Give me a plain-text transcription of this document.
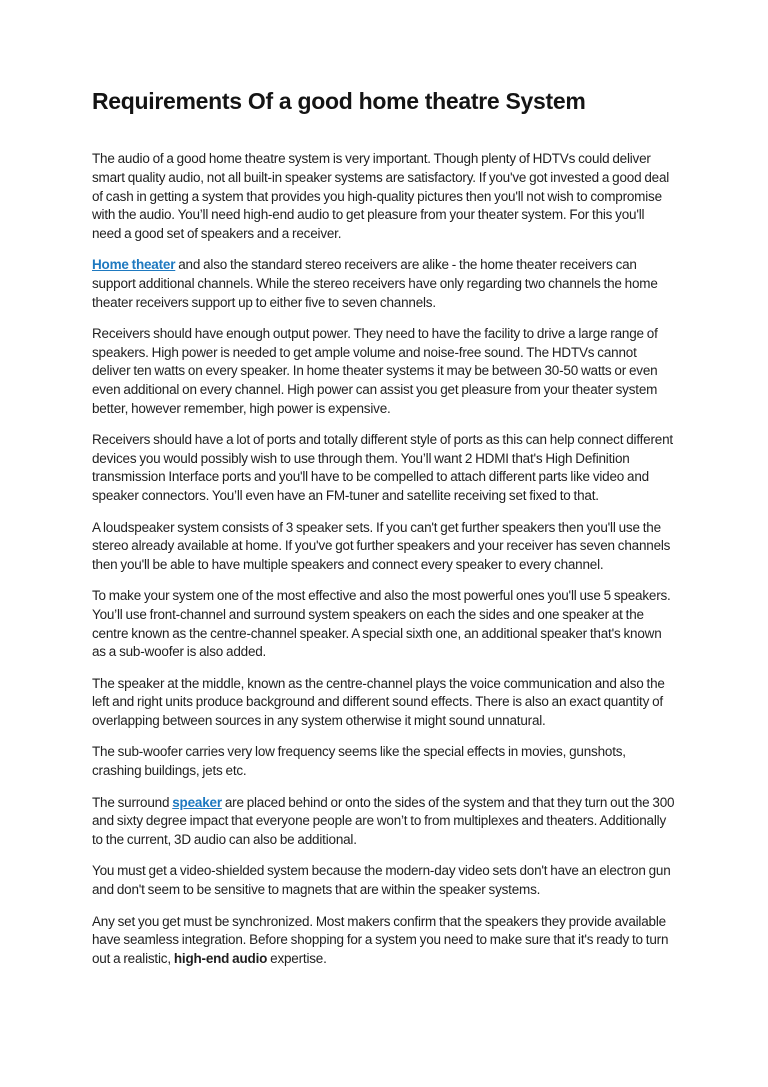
Requirements Of a good home theatre System

The audio of a good home theatre system is very important. Though plenty of HDTVs could deliver smart quality audio, not all built-in speaker systems are satisfactory. If you've got invested a good deal of cash in getting a system that provides you high-quality pictures then you'll not wish to compromise with the audio. You’ll need high-end audio to get pleasure from your theater system. For this you'll need a good set of speakers and a receiver.

Home theater and also the standard stereo receivers are alike - the home theater receivers can support additional channels. While the stereo receivers have only regarding two channels the home theater receivers support up to either five to seven channels.

Receivers should have enough output power. They need to have the facility to drive a large range of speakers. High power is needed to get ample volume and noise-free sound. The HDTVs cannot deliver ten watts on every speaker. In home theater systems it may be between 30-50 watts or even even additional on every channel. High power can assist you get pleasure from your theater system better, however remember, high power is expensive.

Receivers should have a lot of ports and totally different style of ports as this can help connect different devices you would possibly wish to use through them. You’ll want 2 HDMI that's High Definition transmission Interface ports and you'll have to be compelled to attach different parts like video and speaker connectors. You’ll even have an FM-tuner and satellite receiving set fixed to that.

A loudspeaker system consists of 3 speaker sets. If you can't get further speakers then you'll use the stereo already available at home. If you've got further speakers and your receiver has seven channels then you'll be able to have multiple speakers and connect every speaker to every channel.

To make your system one of the most effective and also the most powerful ones you'll use 5 speakers. You’ll use front-channel and surround system speakers on each the sides and one speaker at the centre known as the centre-channel speaker. A special sixth one, an additional speaker that's known as a sub-woofer is also added.

The speaker at the middle, known as the centre-channel plays the voice communication and also the left and right units produce background and different sound effects. There is also an exact quantity of overlapping between sources in any system otherwise it might sound unnatural.

The sub-woofer carries very low frequency seems like the special effects in movies, gunshots, crashing buildings, jets etc.

The surround speaker are placed behind or onto the sides of the system and that they turn out the 300 and sixty degree impact that everyone people are won’t to from multiplexes and theaters. Additionally to the current, 3D audio can also be additional.

You must get a video-shielded system because the modern-day video sets don't have an electron gun and don't seem to be sensitive to magnets that are within the speaker systems.

Any set you get must be synchronized. Most makers confirm that the speakers they provide available have seamless integration. Before shopping for a system you need to make sure that it's ready to turn out a realistic, high-end audio expertise.
